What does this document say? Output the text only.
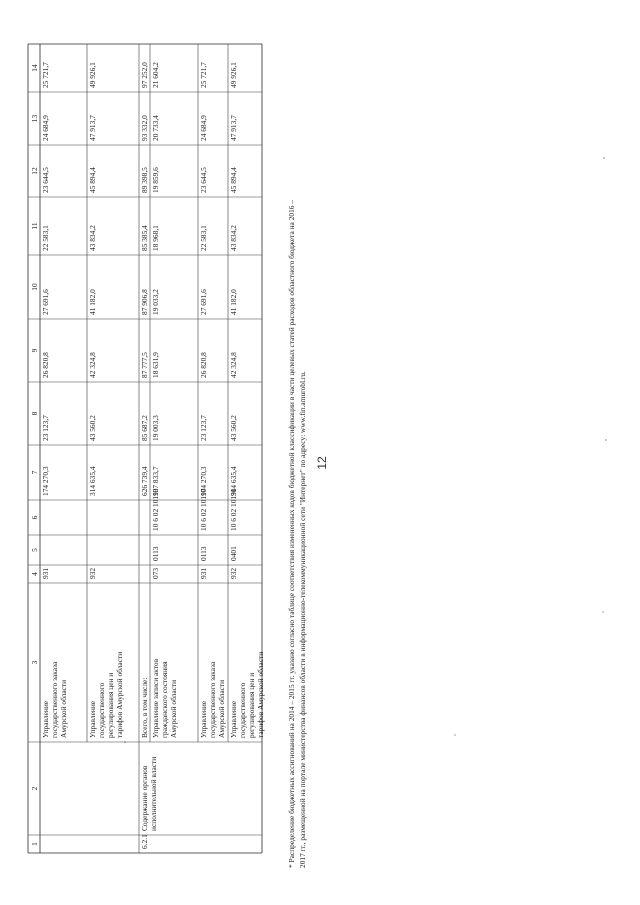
12
* Распределение бюджетных ассигнований на 2014 – 2015 гг. указано согласно таблице соответствия измененных кодов бюджетной классификации в части целевых статей расходов областного бюджета на 2016 – 2017 гг., размещенной на портале министерства финансов области в информационно-телекоммуникационной сети "Интернет" по адресу: www.fin.amurobl.ru.
1
2
3
4
5
6
7
8
9
10
11
12
13
14 25 721,7
24 684,9
23 644,5
22 583,1
27 691,6
26 820,8
23 123,7
174 270,3
931
Управление государственного заказа Амурской области
49 926,1
47 913,7
45 894,4
43 834,2
41 182,0
42 324,8
43 560,2
314 635,4
932
Управление государственного регулирования цен и тарифов Амурской области
97 252,0
93 332,0
89 398,5
85 385,4
87 906,8
87 777,5
85 687,2
626 739,4
Всего, в том числе:
Содержание органов исполнительной власти
6.2.1
21 604,2
20 733,4
19 859,6
18 968,1
19 033,2
18 631,9
19 003,3
137 833,7
10 6 02 10190
0113
073
Управление записи актов гражданского состояния Амурской области
25 721,7
24 684,9
23 644,5
22 583,1
27 691,6
26 820,8
23 123,7
174 270,3
10 6 02 10190
0113
931
Управление государственного заказа Амурской области
49 926,1
47 913,7
45 894,4
43 834,2
41 182,0
42 324,8
43 560,2
314 635,4
10 6 02 10190
0401
932
Управление государственного регулирования цен и тарифов Амурской области
